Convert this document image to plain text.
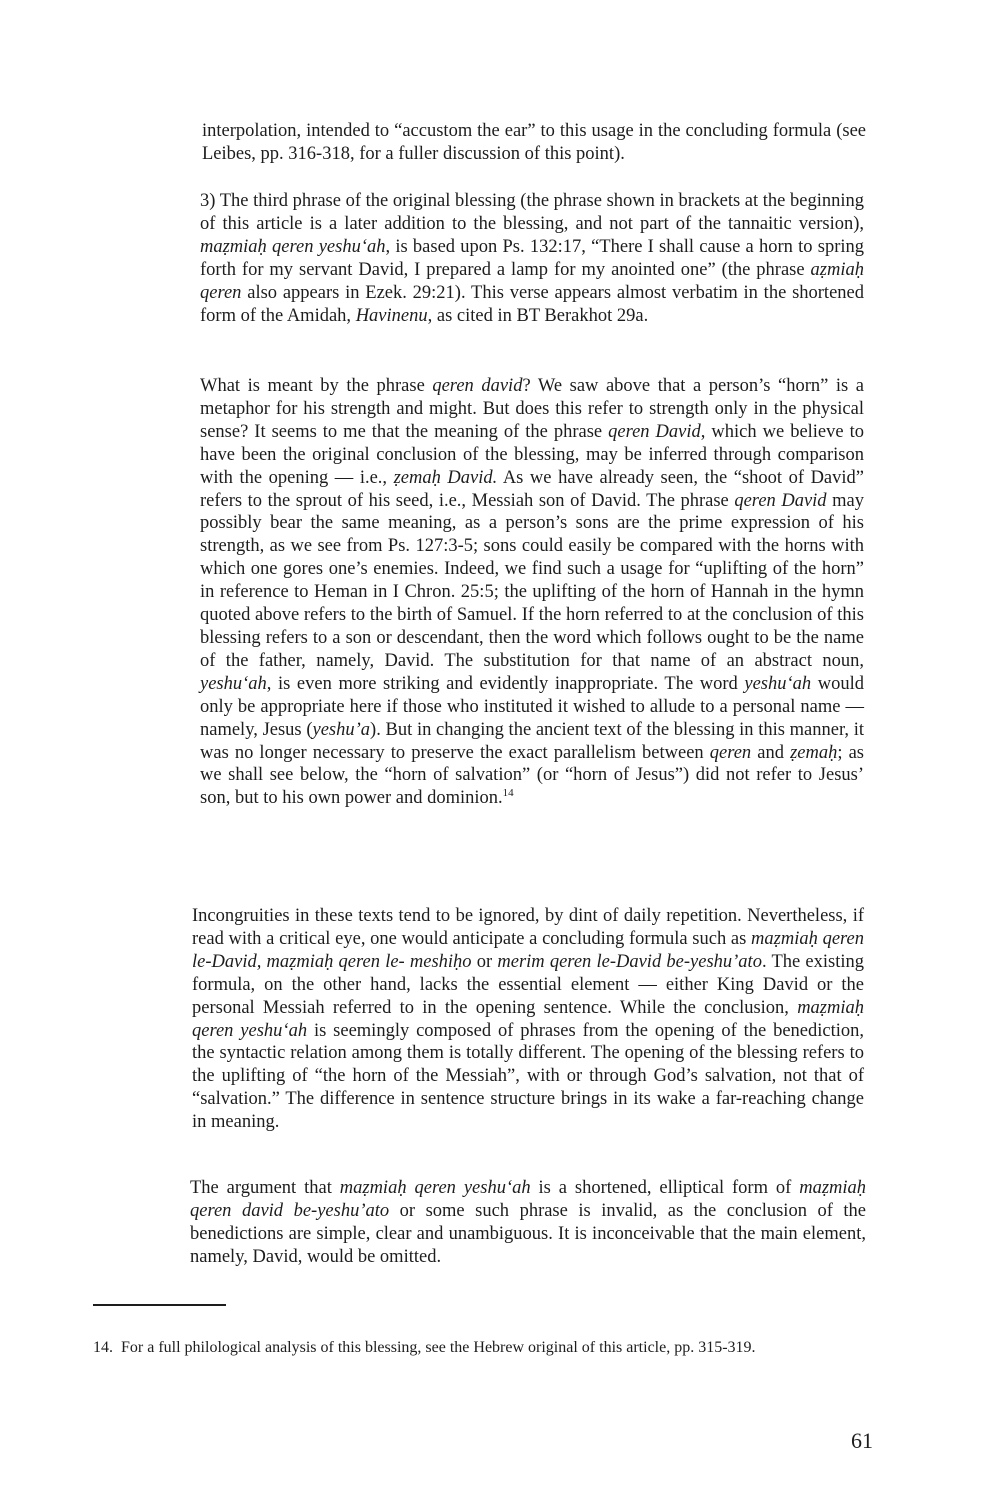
interpolation, intended to “accustom the ear” to this usage in the concluding formula (see Leibes, pp. 316-318, for a fuller discussion of this point).

3) The third phrase of the original blessing (the phrase shown in brackets at the beginning of this article is a later addition to the blessing, and not part of the tannaitic version), maẓmiaḥ qeren yeshu‘ah, is based upon Ps. 132:17, “There I shall cause a horn to spring forth for my servant David, I prepared a lamp for my anointed one” (the phrase aẓmiaḥ qeren also appears in Ezek. 29:21). This verse appears almost verbatim in the shortened form of the Amidah, Havinenu, as cited in BT Berakhot 29a.

What is meant by the phrase qeren david? We saw above that a person’s “horn” is a metaphor for his strength and might. But does this refer to strength only in the physical sense? It seems to me that the meaning of the phrase qeren David, which we believe to have been the original conclusion of the blessing, may be inferred through comparison with the opening — i.e., ẓemaḥ David. As we have already seen, the “shoot of David” refers to the sprout of his seed, i.e., Messiah son of David. The phrase qeren David may possibly bear the same meaning, as a person’s sons are the prime expression of his strength, as we see from Ps. 127:3-5; sons could easily be compared with the horns with which one gores one’s enemies. Indeed, we find such a usage for “uplifting of the horn” in reference to Heman in I Chron. 25:5; the uplifting of the horn of Hannah in the hymn quoted above refers to the birth of Samuel. If the horn referred to at the conclusion of this blessing refers to a son or descendant, then the word which follows ought to be the name of the father, namely, David. The substitution for that name of an abstract noun, yeshu‘ah, is even more striking and evidently inappropriate. The word yeshu‘ah would only be appropriate here if those who instituted it wished to allude to a personal name — namely, Jesus (yeshu’a). But in changing the ancient text of the blessing in this manner, it was no longer necessary to preserve the exact parallelism between qeren and ẓemaḥ; as we shall see below, the “horn of salvation” (or “horn of Jesus”) did not refer to Jesus’ son, but to his own power and dominion.$^{14}$

Incongruities in these texts tend to be ignored, by dint of daily repetition. Nevertheless, if read with a critical eye, one would anticipate a concluding formula such as maẓmiaḥ qeren le-David, maẓmiaḥ qeren le- meshiḥo or merim qeren le-David be-yeshu’ato. The existing formula, on the other hand, lacks the essential element — either King David or the personal Messiah referred to in the opening sentence. While the conclusion, maẓmiaḥ qeren yeshu‘ah is seemingly composed of phrases from the opening of the benediction, the syntactic relation among them is totally different. The opening of the blessing refers to the uplifting of “the horn of the Messiah”, with or through God’s salvation, not that of “salvation.” The difference in sentence structure brings in its wake a far-reaching change in meaning.

The argument that maẓmiaḥ qeren yeshu‘ah is a shortened, elliptical form of maẓmiaḥ qeren david be-yeshu’ato or some such phrase is invalid, as the conclusion of the benedictions are simple, clear and unambiguous. It is inconceivable that the main element, namely, David, would be omitted.

14. For a full philological analysis of this blessing, see the Hebrew original of this article, pp. 315-319.

61
